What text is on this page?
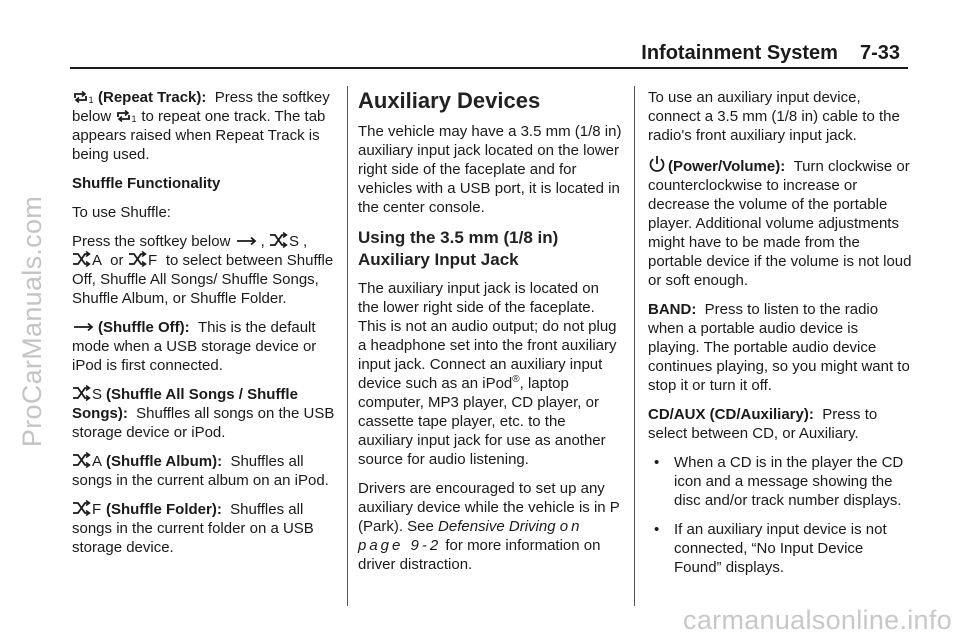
ProCarManuals.com
carmanualsonline.info
Infotainment System 7-33

1 (Repeat Track): Press the softkey below 1 to repeat one track. The tab appears raised when Repeat Track is being used.

Shuffle Functionality

To use Shuffle:

Press the softkey below , S ,
A or F to select between Shuffle Off, Shuffle All Songs/ Shuffle Songs, Shuffle Album, or Shuffle Folder.

(Shuffle Off): This is the default mode when a USB storage device or iPod is first connected.

S (Shuffle All Songs / Shuffle Songs): Shuffles all songs on the USB storage device or iPod.

A (Shuffle Album): Shuffles all songs in the current album on an iPod.

F (Shuffle Folder): Shuffles all songs in the current folder on a USB storage device.

Auxiliary Devices

The vehicle may have a 3.5 mm (1/8 in) auxiliary input jack located on the lower right side of the faceplate and for vehicles with a USB port, it is located in the center console.

Using the 3.5 mm (1/8 in) Auxiliary Input Jack

The auxiliary input jack is located on the lower right side of the faceplate. This is not an audio output; do not plug a headphone set into the front auxiliary input jack. Connect an auxiliary input device such as an iPod®, laptop computer, MP3 player, CD player, or cassette tape player, etc. to the auxiliary input jack for use as another source for audio listening.

Drivers are encouraged to set up any auxiliary device while the vehicle is in P (Park). See Defensive Driving on page 9-2 for more information on driver distraction.

To use an auxiliary input device, connect a 3.5 mm (1/8 in) cable to the radio's front auxiliary input jack.

(Power/Volume): Turn clockwise or counterclockwise to increase or decrease the volume of the portable player. Additional volume adjustments might have to be made from the portable device if the volume is not loud or soft enough.

BAND: Press to listen to the radio when a portable audio device is playing. The portable audio device continues playing, so you might want to stop it or turn it off.

CD/AUX (CD/Auxiliary): Press to select between CD, or Auxiliary.

• When a CD is in the player the CD icon and a message showing the disc and/or track number displays.
• If an auxiliary input device is not connected, “No Input Device Found” displays.
